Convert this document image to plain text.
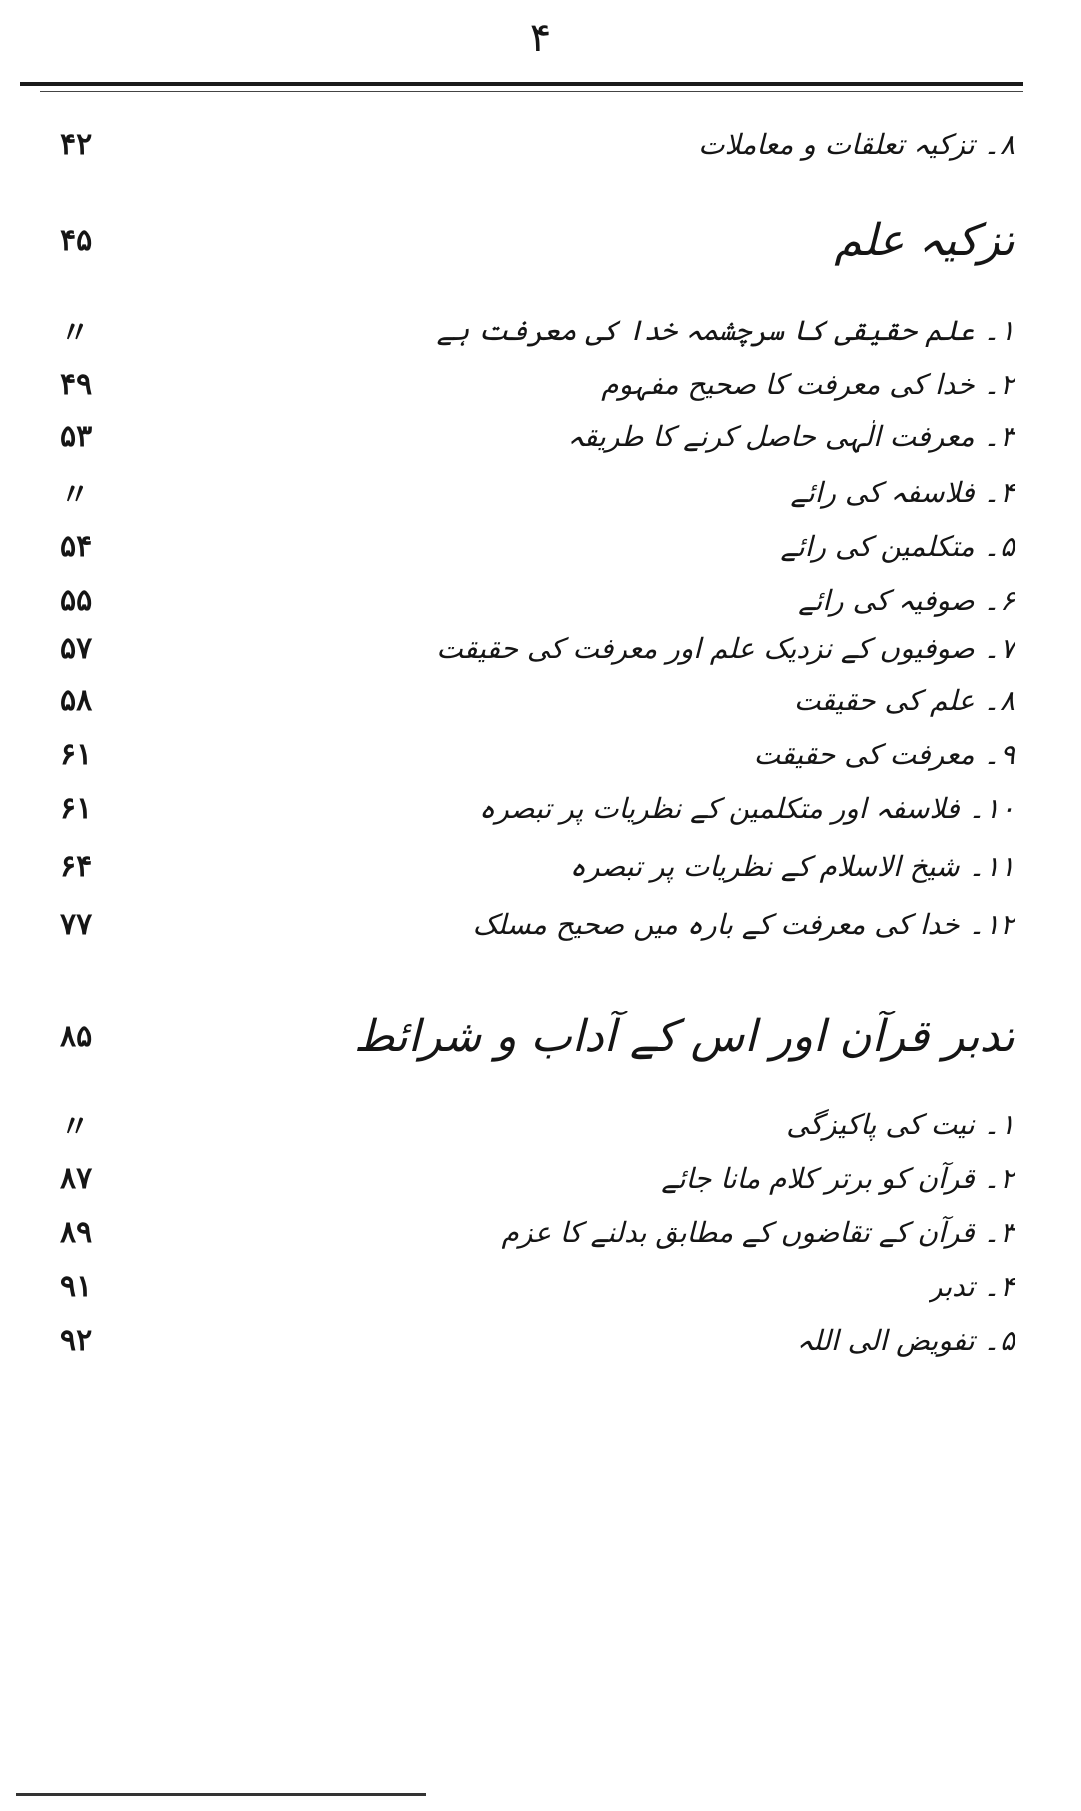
۴
۴۲	۸۔ تزکیہ تعلقات و معاملات
۴۵	تزکیہ علم
〃	۱۔ علم حقیقی کا سرچشمہ خدا کی معرفت ہے
۴۹	۲۔ خدا کی معرفت کا صحیح مفہوم
۵۳	۳۔ معرفت الٰہی حاصل کرنے کا طریقہ
〃	۴۔ فلاسفہ کی رائے
۵۴	۵۔ متکلمین کی رائے
۵۵	۶۔ صوفیہ کی رائے
۵۷	۷۔ صوفیوں کے نزدیک علم اور معرفت کی حقیقت
۵۸	۸۔ علم کی حقیقت
۶۱	۹۔ معرفت کی حقیقت
۶۱	۱۰۔ فلاسفہ اور متکلمین کے نظریات پر تبصرہ
۶۴	۱۱۔ شیخ الاسلام کے نظریات پر تبصرہ
۷۷	۱۲۔ خدا کی معرفت کے بارہ میں صحیح مسلک
۸۵	تدبر قرآن اور اس کے آداب و شرائط
〃	۱۔ نیت کی پاکیزگی
۸۷	۲۔ قرآن کو برتر کلام مانا جائے
۸۹	۳۔ قرآن کے تقاضوں کے مطابق بدلنے کا عزم
۹۱	۴۔ تدبر
۹۲	۵۔ تفویض الی اللہ
